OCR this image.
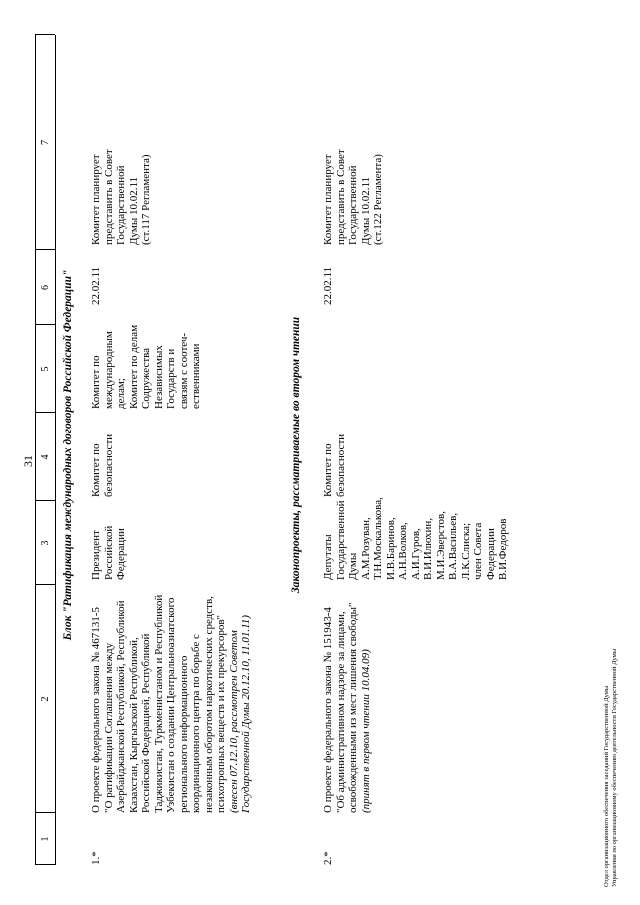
31
1
2
3
4
5
6
7
Блок "Ратификация международных договоров Российской Федерации"
1.*
О проекте федерального закона № 467131-5 "О ратификации Соглашения между Азербайджанской Республикой, Республикой Казахстан, Кыргызской Республикой, Российской Федерацией, Республикой Таджикистан, Туркменистаном и Республикой Узбекистан о создании Центральноазиатского регионального информационного координационного центра по борьбе с незаконным оборотом наркотических средств, психотропных веществ и их прекурсоров" (внесен 07.12.10, рассмотрен Советом Государственной Думы 20.12.10, 11.01.11)
Президент Российской Федерации
Комитет по безопасности
Комитет по международным делам; Комитет по делам Содружества Независимых Государств и связям с соотеч- ественниками
22.02.11
Комитет планирует представить в Совет Государственной Думы 10.02.11 (ст.117 Регламента)
Законопроекты, рассматриваемые во втором чтении
2.*
О проекте федерального закона № 151943-4 "Об административном надзоре за лицами, освобожденными из мест лишения свободы" (принят в первом чтении 10.04.09)
Депутаты Государственной Думы А.М.Розуван, Т.Н.Москалькова, И.В.Баринов, А.Н.Волков, А.И.Гуров, В.И.Илюхин, М.И.Эверстов, В.А.Васильев, Л.К.Слиска; член Совета Федерации В.И.Федоров
Комитет по безопасности
22.02.11
Комитет планирует представить в Совет Государственной Думы 10.02.11 (ст.122 Регламента)
Отдел организационного обеспечения заседаний Государственной Думы Управления по организационному обеспечению деятельности Государственной Думы
